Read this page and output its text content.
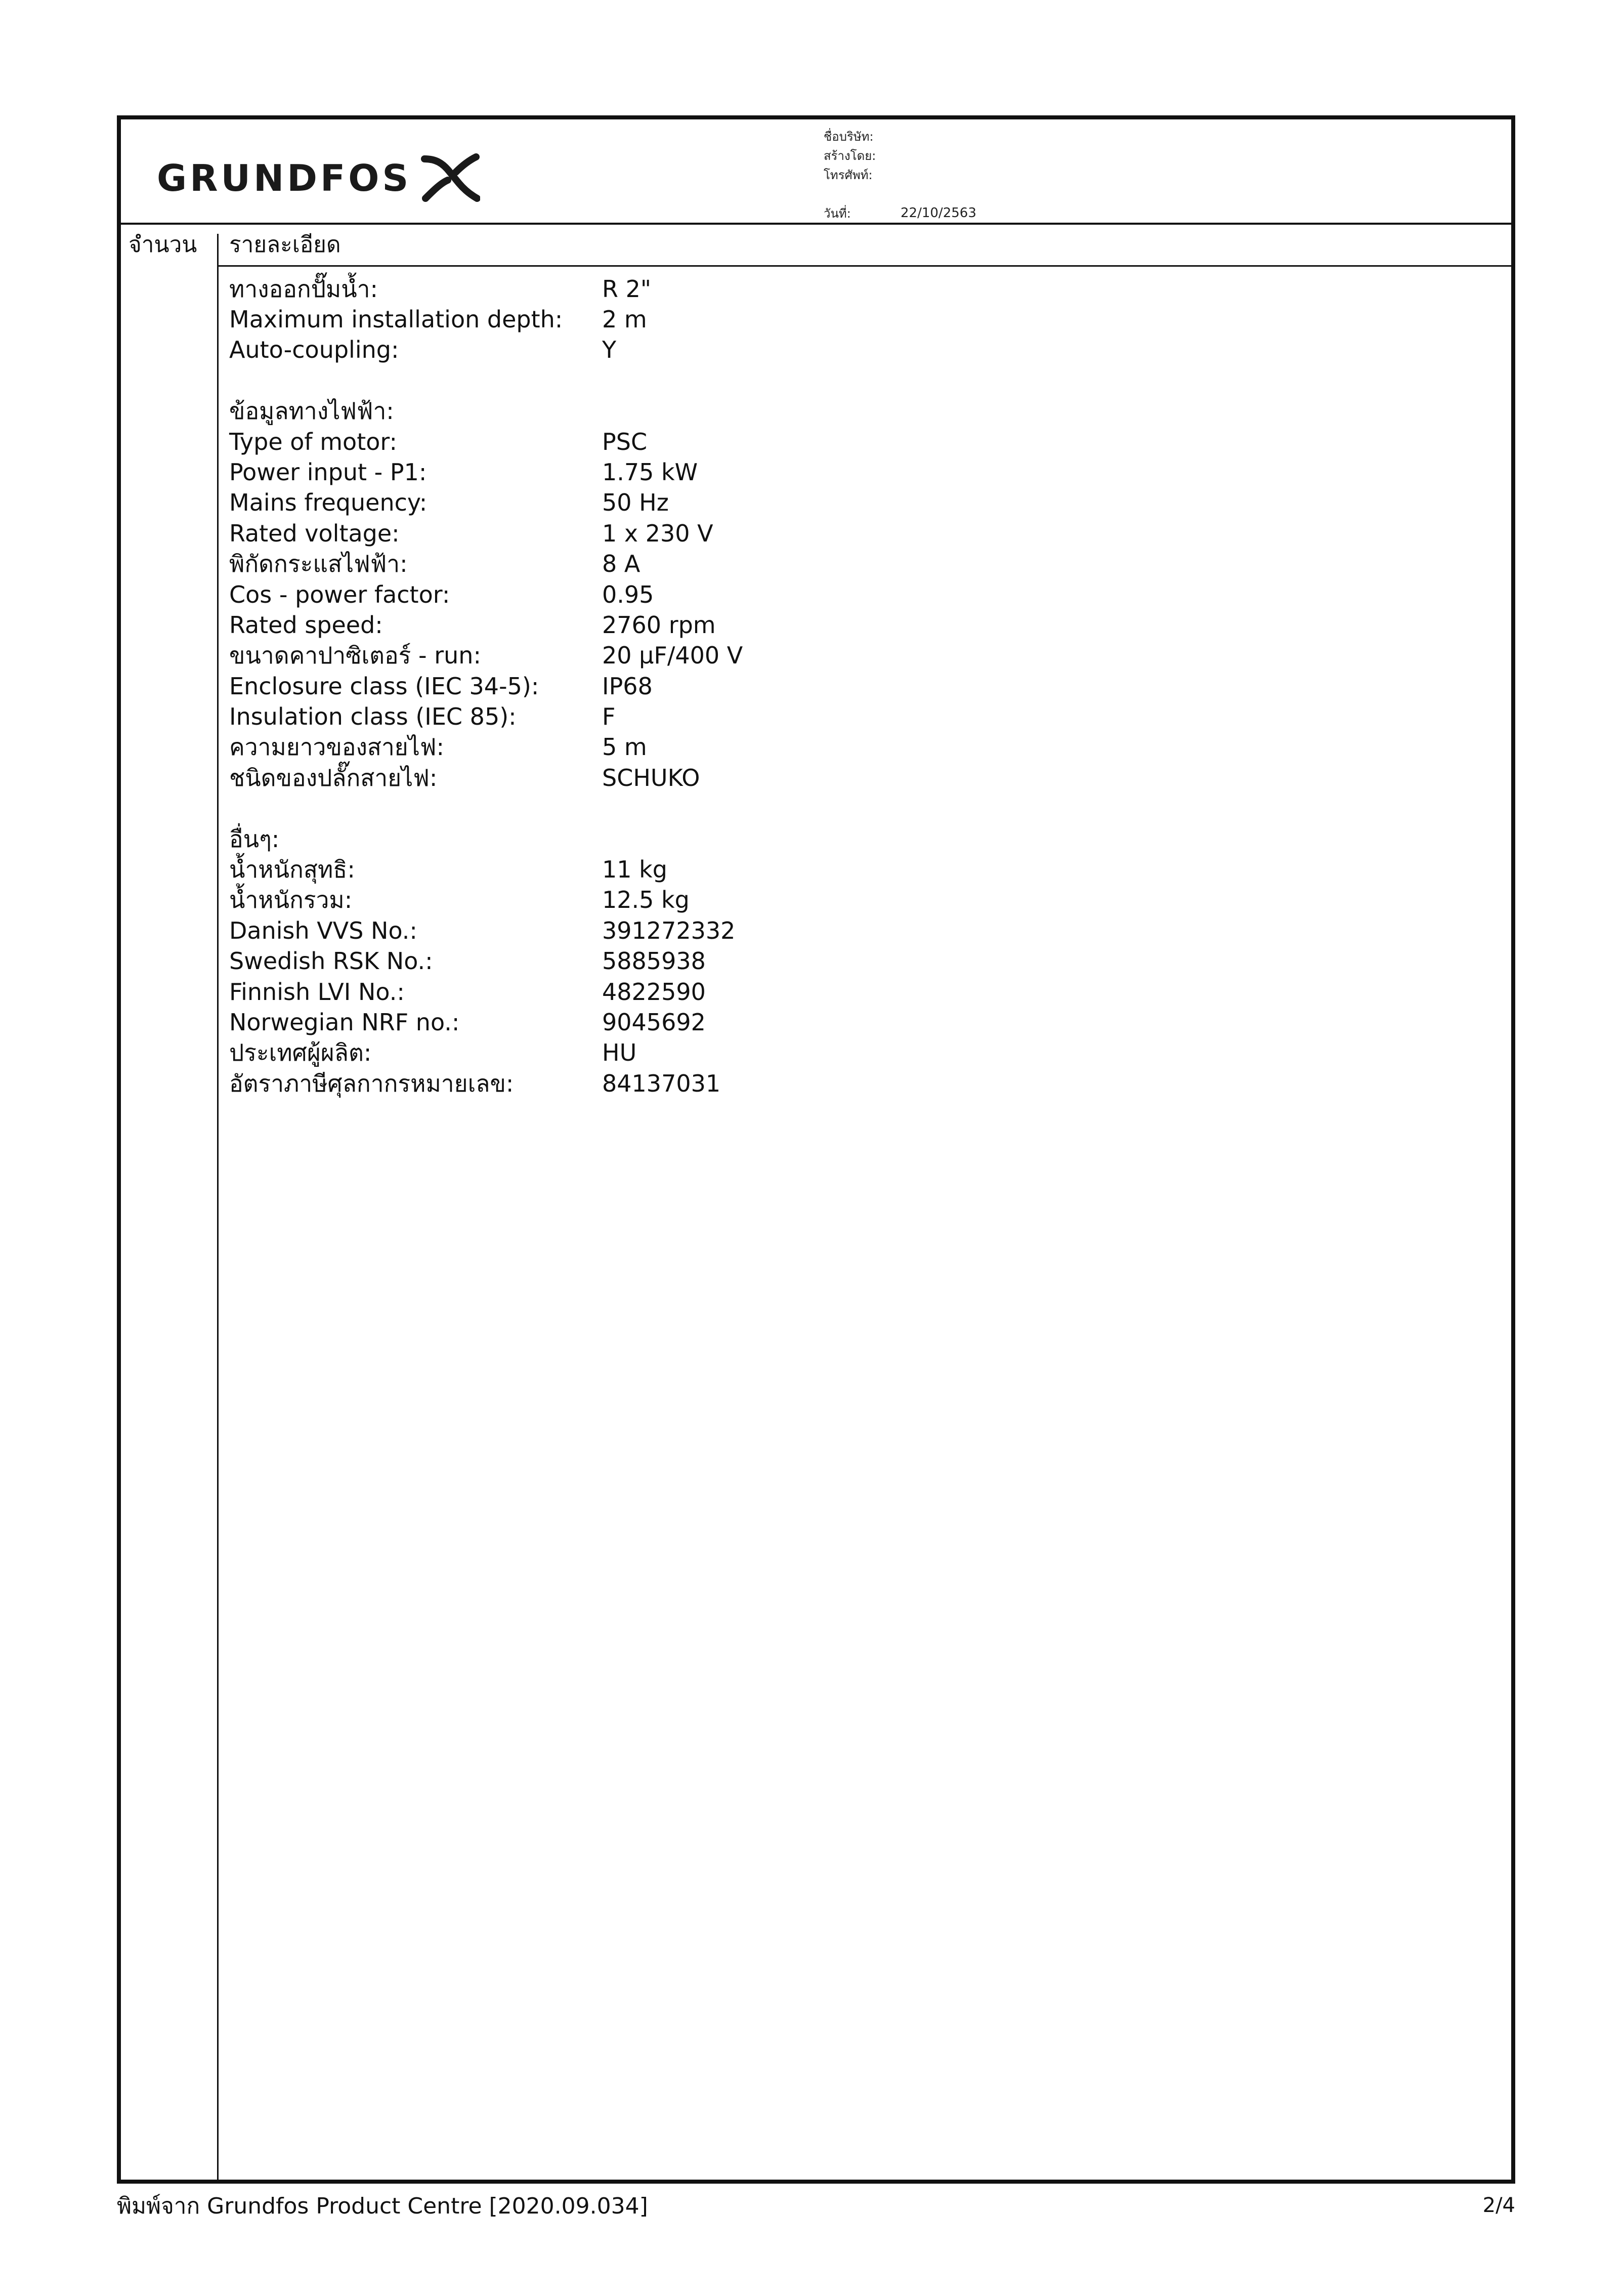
GRUNDFOS
ชื่อบริษัท:
สร้างโดย:
โทรศัพท์:
วันที่:	22/10/2563
จำนวน รายละเอียด
ทางออกปั๊มน้ำ:	R 2"
Maximum installation depth: 2 m
Auto-coupling:	Y
ข้อมูลทางไฟฟ้า:
Type of motor:	PSC
Power input - P1:	1.75 kW
Mains frequency:	50 Hz
Rated voltage:	1 x 230 V
พิกัดกระแสไฟฟ้า:	8 A
Cos - power factor:	0.95
Rated speed:	2760 rpm
ขนาดคาปาซิเตอร์ - run:	20 µF/400 V
Enclosure class (IEC 34-5):	IP68
Insulation class (IEC 85):	F
ความยาวของสายไฟ:	5 m
ชนิดของปลั๊กสายไฟ:	SCHUKO
อื่นๆ:
น้ำหนักสุทธิ:	11 kg
น้ำหนักรวม:	12.5 kg
Danish VVS No.:	391272332
Swedish RSK No.:	5885938
Finnish LVI No.:	4822590
Norwegian NRF no.:	9045692
ประเทศผู้ผลิต:	HU
อัตราภาษีศุลกากรหมายเลข:	84137031
พิมพ์จาก Grundfos Product Centre [2020.09.034]	2/4
